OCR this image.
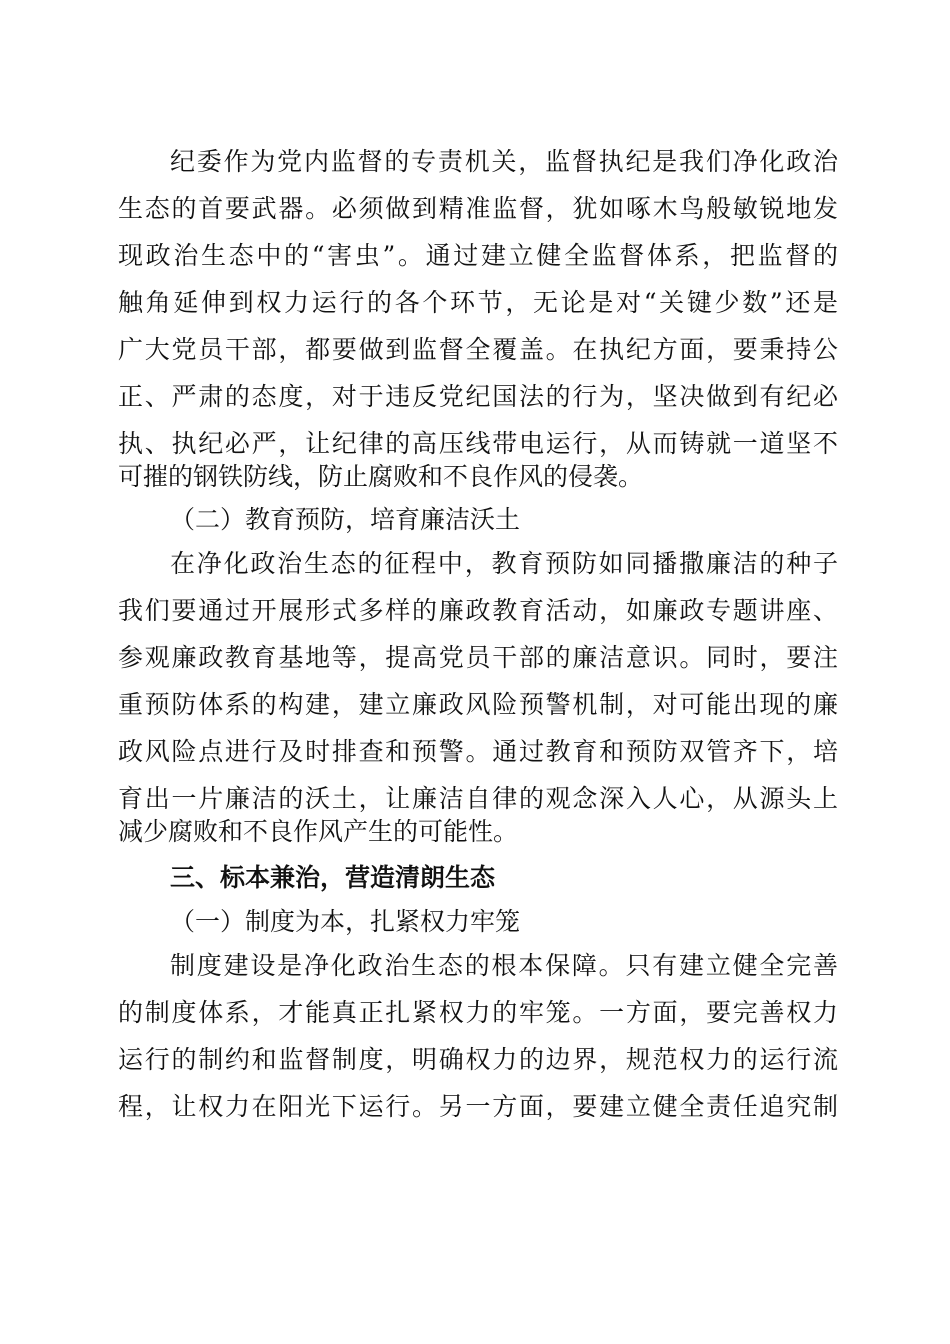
纪委作为党内监督的专责机关，监督执纪是我们净化政治
生态的首要武器。必须做到精准监督，犹如啄木鸟般敏锐地发
现政治生态中的“害虫”。通过建立健全监督体系，把监督的
触角延伸到权力运行的各个环节，无论是对“关键少数”还是
广大党员干部，都要做到监督全覆盖。在执纪方面，要秉持公
正、严肃的态度，对于违反党纪国法的行为，坚决做到有纪必
执、执纪必严，让纪律的高压线带电运行，从而铸就一道坚不
可摧的钢铁防线，防止腐败和不良作风的侵袭。
（二）教育预防，培育廉洁沃土
在净化政治生态的征程中，教育预防如同播撒廉洁的种子
我们要通过开展形式多样的廉政教育活动，如廉政专题讲座、
参观廉政教育基地等，提高党员干部的廉洁意识。同时，要注
重预防体系的构建，建立廉政风险预警机制，对可能出现的廉
政风险点进行及时排查和预警。通过教育和预防双管齐下，培
育出一片廉洁的沃土，让廉洁自律的观念深入人心，从源头上
减少腐败和不良作风产生的可能性。
三、标本兼治，营造清朗生态
（一）制度为本，扎紧权力牢笼
制度建设是净化政治生态的根本保障。只有建立健全完善
的制度体系，才能真正扎紧权力的牢笼。一方面，要完善权力
运行的制约和监督制度，明确权力的边界，规范权力的运行流
程，让权力在阳光下运行。另一方面，要建立健全责任追究制
